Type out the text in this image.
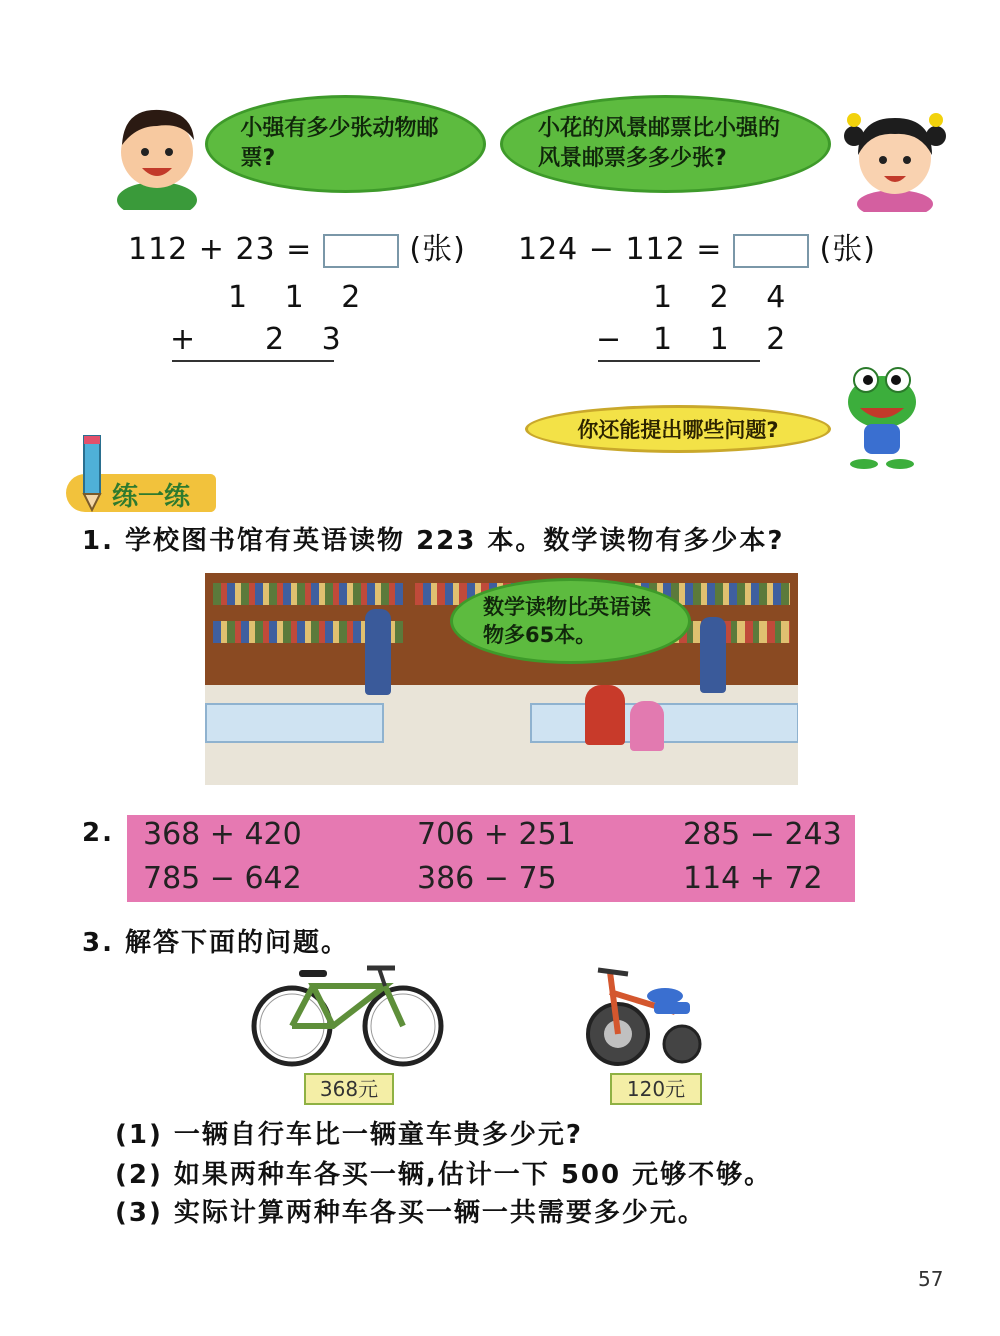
小强有多少张动物邮票?
小花的风景邮票比小强的风景邮票多多少张?
112 + 23 =	(张)
1 1 2
+ 2 3
124 − 112 =	(张)
1 2 4
− 1 1 2
你还能提出哪些问题?
练一练
1. 学校图书馆有英语读物 223 本。数学读物有多少本?
数学读物比英语读物多65本。
2. 368 + 420	706 + 251	285 − 243
785 − 642	386 − 75	114 + 72
3. 解答下面的问题。
368元	120元
(1) 一辆自行车比一辆童车贵多少元?
(2) 如果两种车各买一辆,估计一下 500 元够不够。
(3) 实际计算两种车各买一辆一共需要多少元。
57
